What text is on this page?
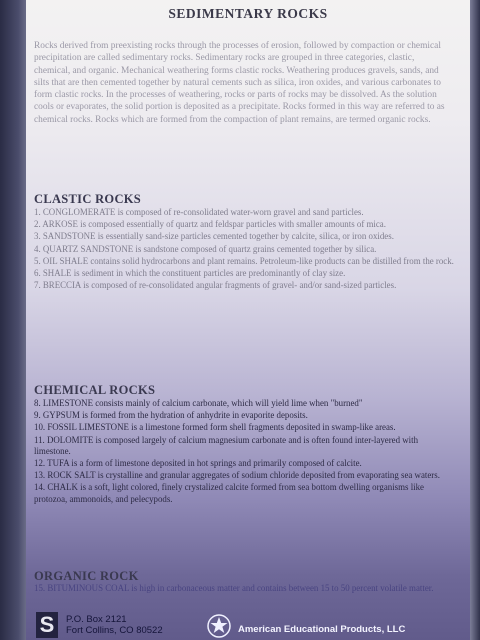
SEDIMENTARY ROCKS
Rocks derived from preexisting rocks through the processes of erosion, followed by compaction or chemical precipitation are called sedimentary rocks. Sedimentary rocks are grouped in three categories, clastic, chemical, and organic. Mechanical weathering forms clastic rocks. Weathering produces gravels, sands, and silts that are then cemented together by natural cements such as silica, iron oxides, and various carbonates to form clastic rocks. In the processes of weathering, rocks or parts of rocks may be dissolved. As the solution cools or evaporates, the solid portion is deposited as a precipitate. Rocks formed in this way are referred to as chemical rocks. Rocks which are formed from the compaction of plant remains, are termed organic rocks.
CLASTIC ROCKS
1. CONGLOMERATE is composed of re-consolidated water-worn gravel and sand particles.
2. ARKOSE is composed essentially of quartz and feldspar particles with smaller amounts of mica.
3. SANDSTONE is essentially sand-size particles cemented together by calcite, silica, or iron oxides.
4. QUARTZ SANDSTONE is sandstone composed of quartz grains cemented together by silica.
5. OIL SHALE contains solid hydrocarbons and plant remains. Petroleum-like products can be distilled from the rock.
6. SHALE is sediment in which the constituent particles are predominantly of clay size.
7. BRECCIA is composed of re-consolidated angular fragments of gravel- and/or sand-sized particles.
CHEMICAL ROCKS
8. LIMESTONE consists mainly of calcium carbonate, which will yield lime when "burned"
9. GYPSUM is formed from the hydration of anhydrite in evaporite deposits.
10. FOSSIL LIMESTONE is a limestone formed form shell fragments deposited in swamp-like areas.
11. DOLOMITE is composed largely of calcium magnesium carbonate and is often found inter-layered with limestone.
12. TUFA is a form of limestone deposited in hot springs and primarily composed of calcite.
13. ROCK SALT is crystalline and granular aggregates of sodium chloride deposited from evaporating sea waters.
14. CHALK is a soft, light colored, finely crystalized calcite formed from sea bottom dwelling organisms like protozoa, ammonoids, and pelecypods.
ORGANIC ROCK
15. BITUMINOUS COAL is high in carbonaceous matter and contains between 15 to 50 percent volatile matter.
S	P.O. Box 2121
Fort Collins, CO 80522	American Educational Products, LLC
